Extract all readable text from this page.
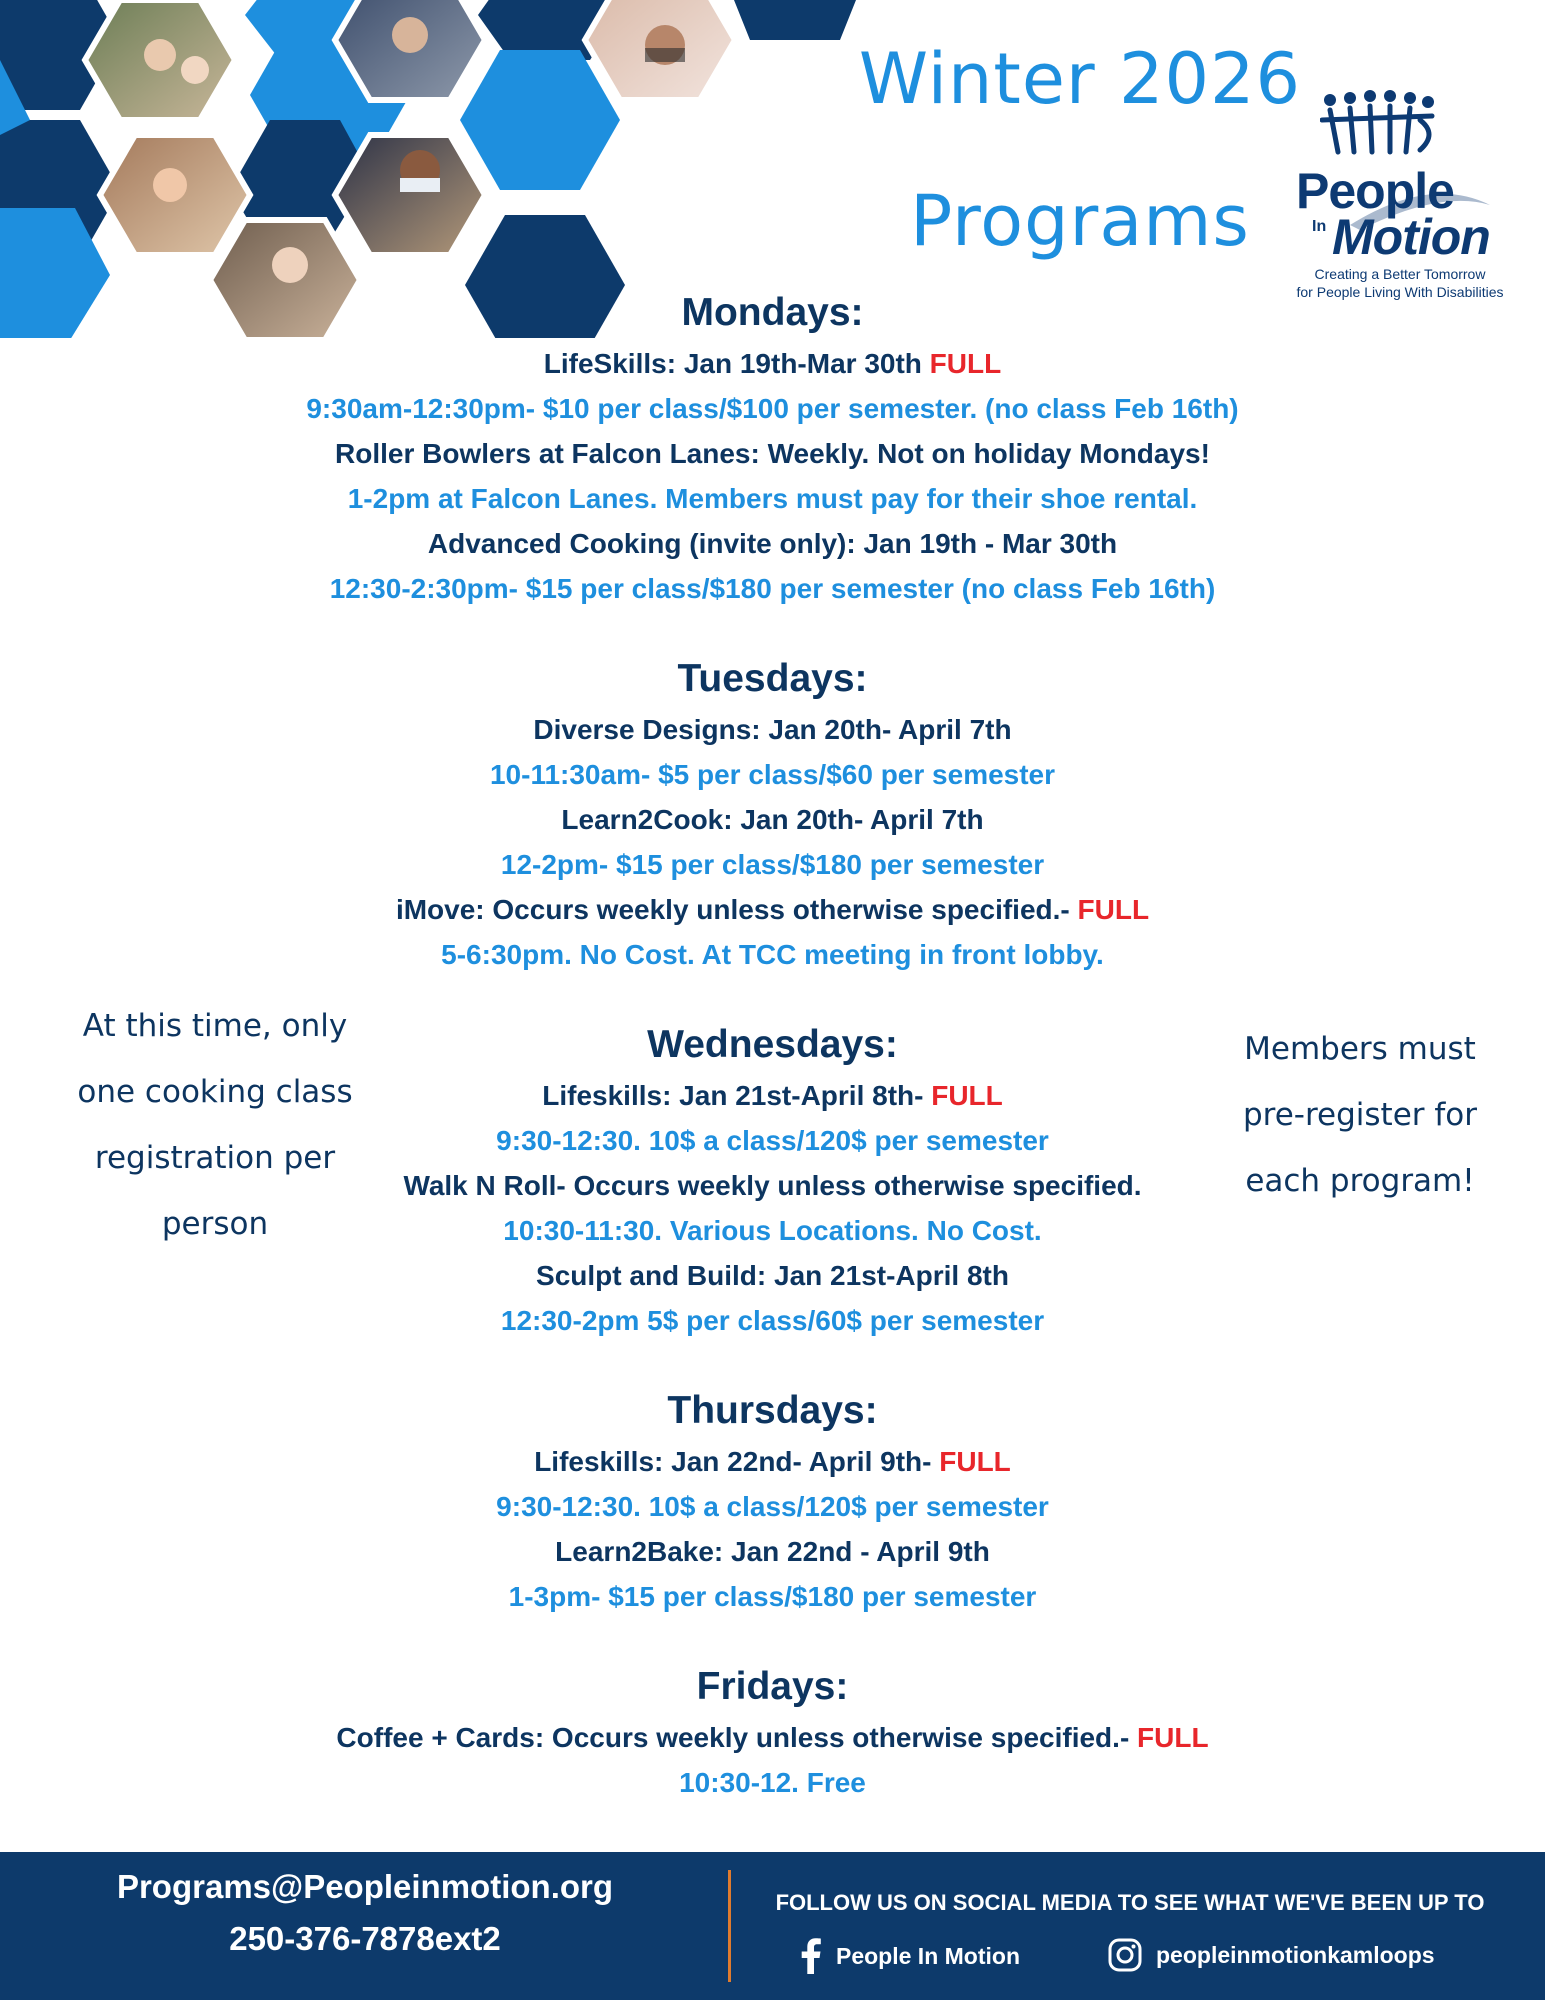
Winter 2026
Programs People
In Motion
Creating a Better Tomorrow
for People Living With Disabilities
At this time, only
one cooking class
registration per
person
Members must
pre-register for
each program!
Mondays:
LifeSkills: Jan 19th-Mar 30th FULL
9:30am-12:30pm- $10 per class/$100 per semester. (no class Feb 16th)
Roller Bowlers at Falcon Lanes: Weekly. Not on holiday Mondays!
1-2pm at Falcon Lanes. Members must pay for their shoe rental.
Advanced Cooking (invite only): Jan 19th - Mar 30th
12:30-2:30pm- $15 per class/$180 per semester (no class Feb 16th)
Tuesdays:
Diverse Designs: Jan 20th- April 7th
10-11:30am- $5 per class/$60 per semester
Learn2Cook: Jan 20th- April 7th
12-2pm- $15 per class/$180 per semester
iMove: Occurs weekly unless otherwise specified.- FULL
5-6:30pm. No Cost. At TCC meeting in front lobby.
Wednesdays:
Lifeskills: Jan 21st-April 8th- FULL
9:30-12:30. 10$ a class/120$ per semester
Walk N Roll- Occurs weekly unless otherwise specified.
10:30-11:30. Various Locations. No Cost.
Sculpt and Build: Jan 21st-April 8th
12:30-2pm 5$ per class/60$ per semester
Thursdays:
Lifeskills: Jan 22nd- April 9th- FULL
9:30-12:30. 10$ a class/120$ per semester
Learn2Bake: Jan 22nd - April 9th
1-3pm- $15 per class/$180 per semester
Fridays:
Coffee + Cards: Occurs weekly unless otherwise specified.- FULL
10:30-12. Free
Programs@Peopleinmotion.org
250-376-7878ext2
FOLLOW US ON SOCIAL MEDIA TO SEE WHAT WE'VE BEEN UP TO
People In Motion	peopleinmotionkamloops
